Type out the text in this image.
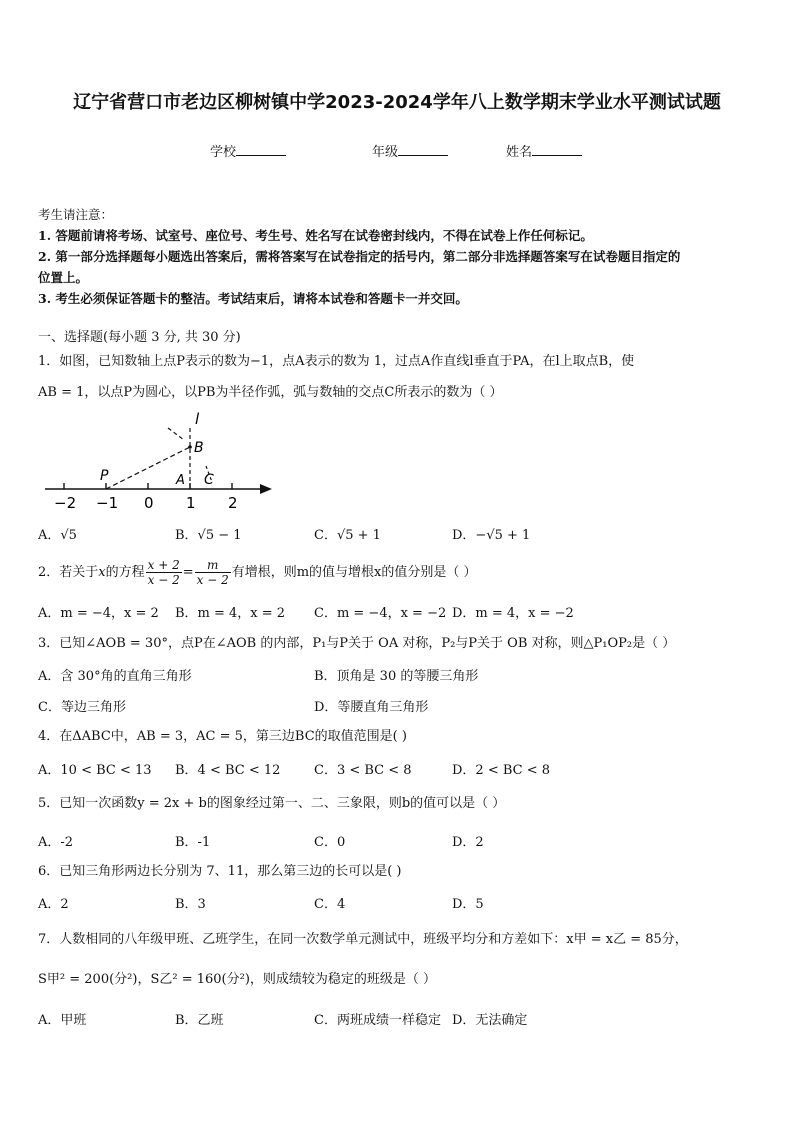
辽宁省营口市老边区柳树镇中学2023-2024学年八上数学期末学业水平测试试题
学校	年级	姓名
考生请注意：
1. 答题前请将考场、试室号、座位号、考生号、姓名写在试卷密封线内，不得在试卷上作任何标记。
2. 第一部分选择题每小题选出答案后，需将答案写在试卷指定的括号内，第二部分非选择题答案写在试卷题目指定的
位置上。
3. 考生必须保证答题卡的整洁。考试结束后，请将本试卷和答题卡一并交回。
一、选择题(每小题 3 分, 共 30 分)
1．如图，已知数轴上点P表示的数为−1，点A表示的数为 1，过点A作直线l垂直于PA，在l上取点B，使
AB = 1，以点P为圆心，以PB为半径作弧，弧与数轴的交点C所表示的数为（ ）
l
B
P	A C
−2 −1 0 1 2
A．√5	B．√5 − 1	C．√5 + 1	D．−√5 + 1
2．若关于x的方程 $\frac{x + 2}{x - 2} = \frac{m}{x - 2}$ 有增根，则m的值与增根x的值分别是（ ）
A．m = −4，x = 2 B．m = 4，x = 2 C．m = −4，x = −2 D．m = 4，x = −2
3．已知∠AOB = 30°，点P在∠AOB 的内部，P₁与P关于 OA 对称，P₂与P关于 OB 对称，则△P₁OP₂是（ ）
A．含 30°角的直角三角形	B．顶角是 30 的等腰三角形
C．等边三角形	D．等腰直角三角形
4．在ΔABC中，AB = 3，AC = 5，第三边BC的取值范围是( )
A．10 < BC < 13 B．4 < BC < 12	C．3 < BC < 8	D．2 < BC < 8
5．已知一次函数y = 2x + b的图象经过第一、二、三象限，则b的值可以是（ ）
A．-2	B．-1	C．0	D．2
6．已知三角形两边长分别为 7、11，那么第三边的长可以是( )
A．2	B．3	C．4	D．5
7．人数相同的八年级甲班、乙班学生，在同一次数学单元测试中，班级平均分和方差如下：x甲 = x乙 = 85分，
S甲² = 200(分²)，S乙² = 160(分²)，则成绩较为稳定的班级是（ ）
A．甲班	B．乙班	C．两班成绩一样稳定 D．无法确定
